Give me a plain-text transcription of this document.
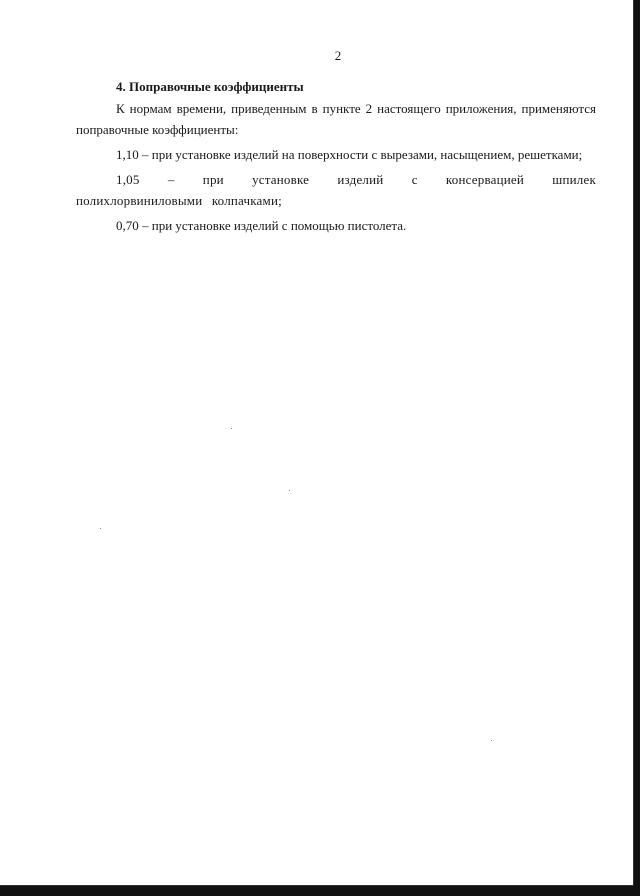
2
4. Поправочные коэффициенты

К нормам времени, приведенным в пункте 2 настоящего приложения, применяются поправочные коэффициенты:

1,10 – при установке изделий на поверхности с вырезами, насыщением, решетками;

1,05 – при установке изделий с консервацией шпилек полихлорвиниловыми колпачками;

0,70 – при установке изделий с помощью пистолета.
